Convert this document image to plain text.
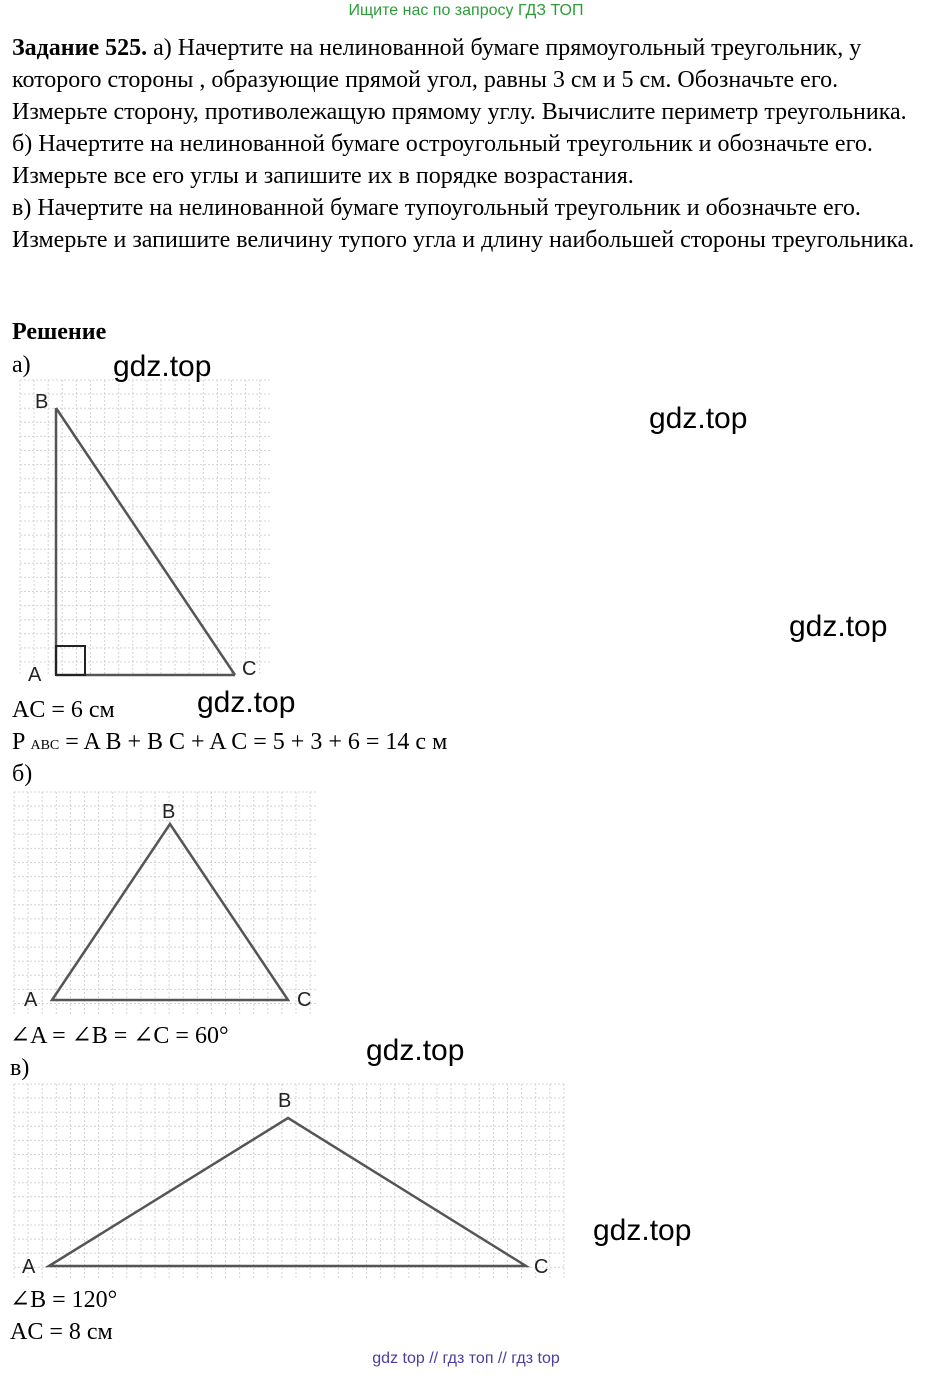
Ищите нас по запросу ГДЗ ТОП

Задание 525. а) Начертите на нелинованной бумаге прямоугольный треугольник, у которого стороны , образующие прямой угол, равны 3 см и 5 см. Обозначьте его. Измерьте сторону, противолежащую прямому углу. Вычислите периметр треугольника.

б) Начертите на нелинованной бумаге остроугольный треугольник и обозначьте его. Измерьте все его углы и запишите их в порядке возрастания.

в) Начертите на нелинованной бумаге тупоугольный треугольник и обозначьте его. Измерьте и запишите величину тупого угла и длину наибольшей стороны треугольника.

Решение
а)
B
A	C
AC = 6 см
P ABC = A B + B C + A C = 5 + 3 + 6 = 14 с м
б)
B
A	C
∠A = ∠B = ∠C = 60°
в)
B
A	C
∠B = 120°
AC = 8 см
gdz.top
gdz.top
gdz.top
gdz.top
gdz.top
gdz.top
gdz top // гдз топ // гдз top
